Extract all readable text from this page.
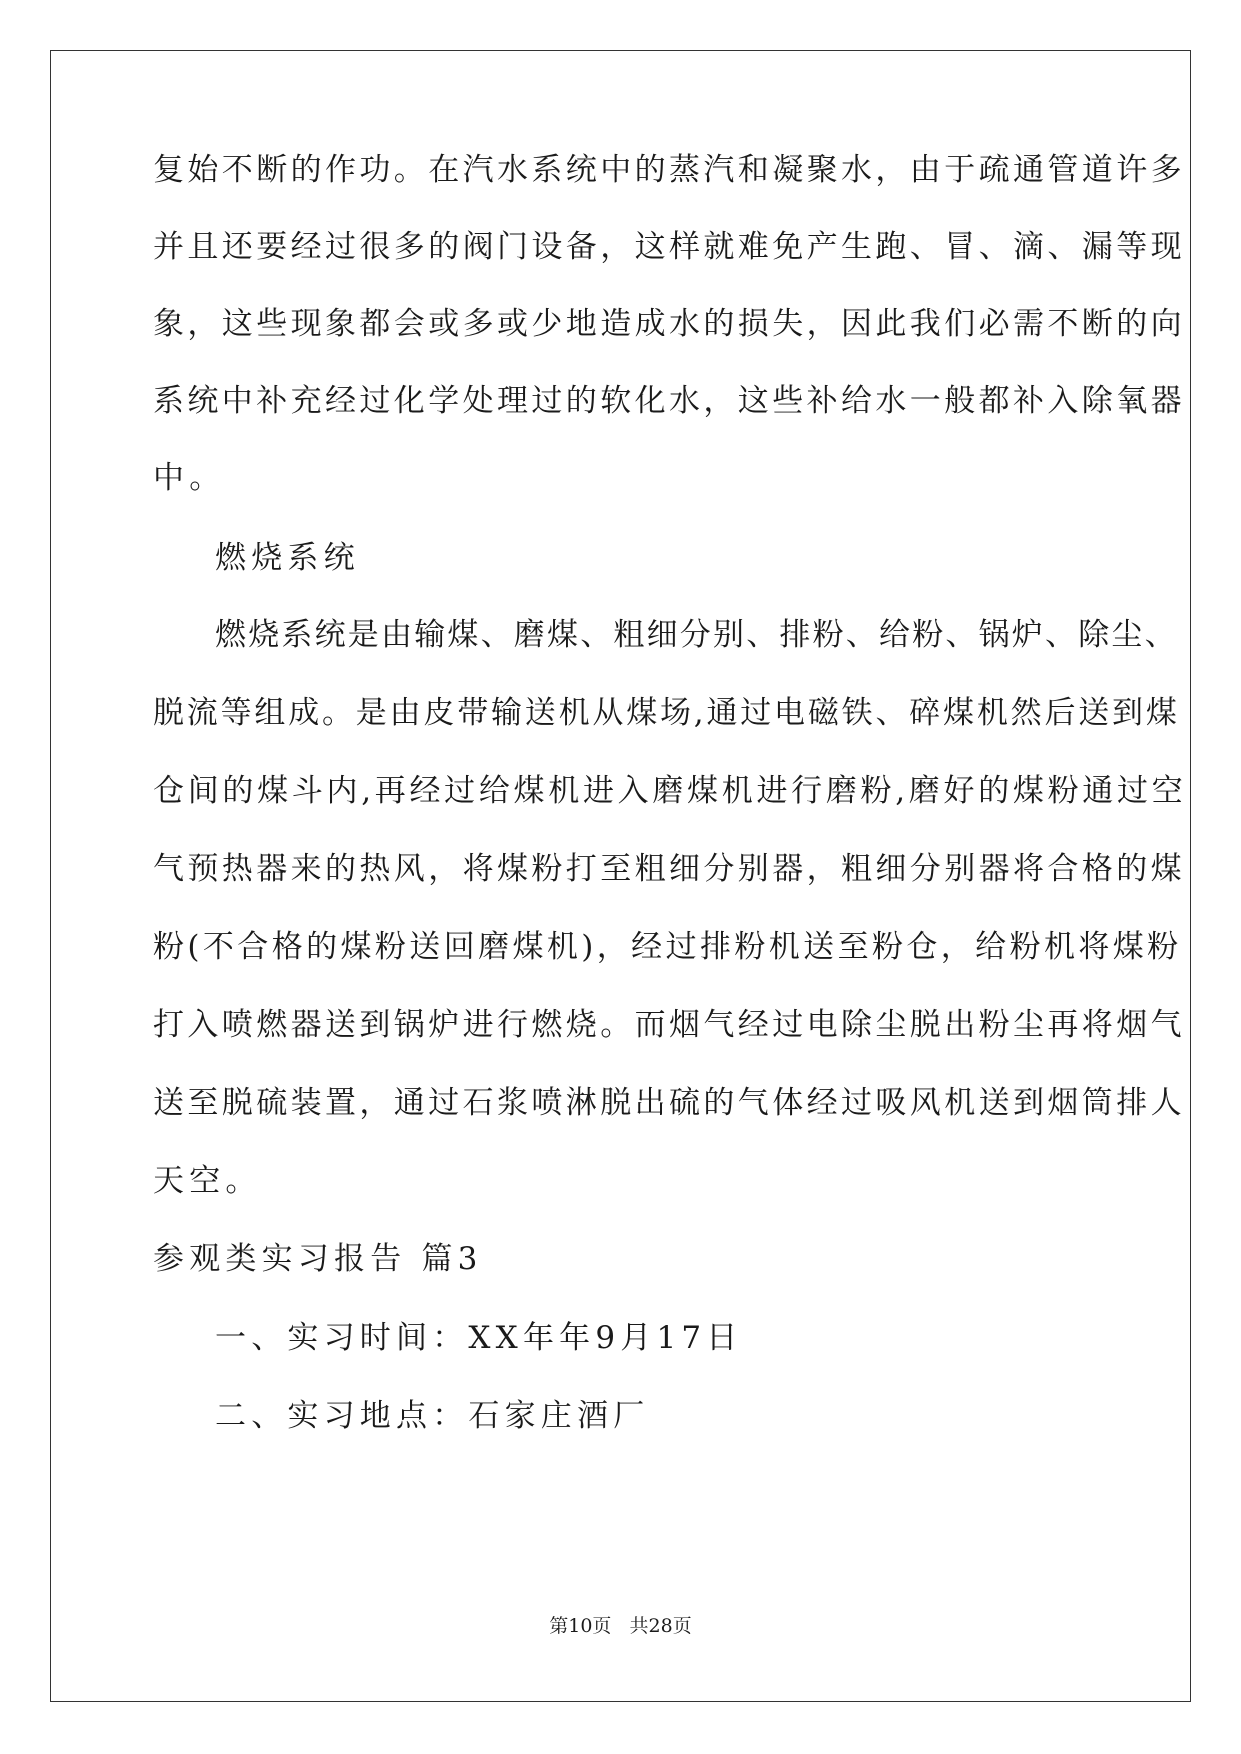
复始不断的作功。在汽水系统中的蒸汽和凝聚水，由于疏通管道许多
并且还要经过很多的阀门设备，这样就难免产生跑、冒、滴、漏等现
象，这些现象都会或多或少地造成水的损失，因此我们必需不断的向
系统中补充经过化学处理过的软化水，这些补给水一般都补入除氧器
中。
燃烧系统
燃烧系统是由输煤、磨煤、粗细分别、排粉、给粉、锅炉、除尘、
脱流等组成。是由皮带输送机从煤场,通过电磁铁、碎煤机然后送到煤
仓间的煤斗内,再经过给煤机进入磨煤机进行磨粉,磨好的煤粉通过空
气预热器来的热风，将煤粉打至粗细分别器，粗细分别器将合格的煤
粉(不合格的煤粉送回磨煤机)，经过排粉机送至粉仓，给粉机将煤粉
打入喷燃器送到锅炉进行燃烧。而烟气经过电除尘脱出粉尘再将烟气
送至脱硫装置，通过石浆喷淋脱出硫的气体经过吸风机送到烟筒排人
天空。
参观类实习报告 篇3
一、实习时间：XX年年9月17日
二、实习地点：石家庄酒厂
第10页   共28页
